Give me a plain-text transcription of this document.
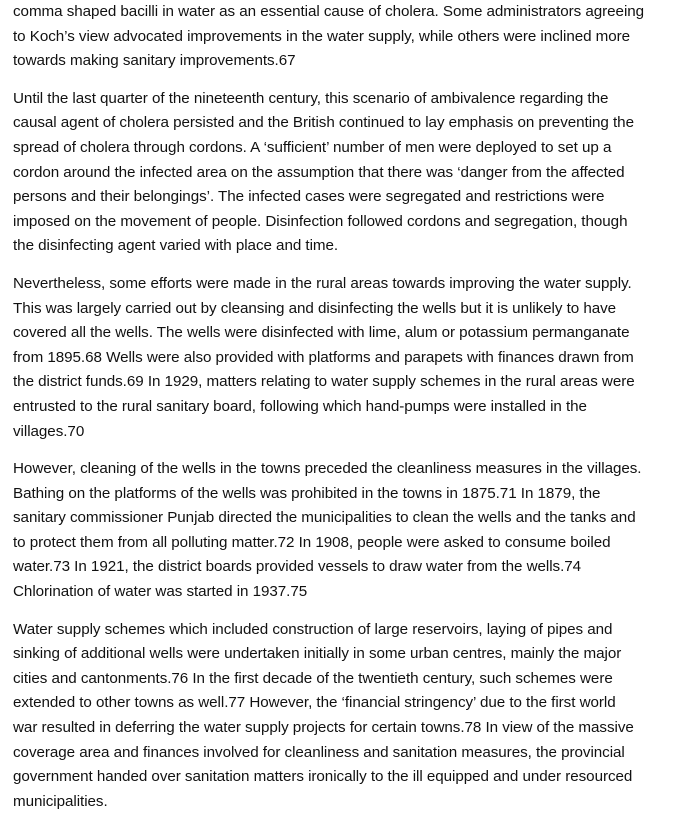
comma shaped bacilli in water as an essential cause of cholera. Some administrators agreeing
to Koch’s view advocated improvements in the water supply, while others were inclined more
towards making sanitary improvements.67
Until the last quarter of the nineteenth century, this scenario of ambivalence regarding the
causal agent of cholera persisted and the British continued to lay emphasis on preventing the
spread of cholera through cordons. A ‘sufficient’ number of men were deployed to set up a
cordon around the infected area on the assumption that there was ‘danger from the affected
persons and their belongings’. The infected cases were segregated and restrictions were
imposed on the movement of people. Disinfection followed cordons and segregation, though
the disinfecting agent varied with place and time.
Nevertheless, some efforts were made in the rural areas towards improving the water supply.
This was largely carried out by cleansing and disinfecting the wells but it is unlikely to have
covered all the wells. The wells were disinfected with lime, alum or potassium permanganate
from 1895.68 Wells were also provided with platforms and parapets with finances drawn from
the district funds.69 In 1929, matters relating to water supply schemes in the rural areas were
entrusted to the rural sanitary board, following which hand-pumps were installed in the
villages.70
However, cleaning of the wells in the towns preceded the cleanliness measures in the villages.
Bathing on the platforms of the wells was prohibited in the towns in 1875.71 In 1879, the
sanitary commissioner Punjab directed the municipalities to clean the wells and the tanks and
to protect them from all polluting matter.72 In 1908, people were asked to consume boiled
water.73 In 1921, the district boards provided vessels to draw water from the wells.74
Chlorination of water was started in 1937.75
Water supply schemes which included construction of large reservoirs, laying of pipes and
sinking of additional wells were undertaken initially in some urban centres, mainly the major
cities and cantonments.76 In the first decade of the twentieth century, such schemes were
extended to other towns as well.77 However, the ‘financial stringency’ due to the first world
war resulted in deferring the water supply projects for certain towns.78 In view of the massive
coverage area and finances involved for cleanliness and sanitation measures, the provincial
government handed over sanitation matters ironically to the ill equipped and under resourced
municipalities.
